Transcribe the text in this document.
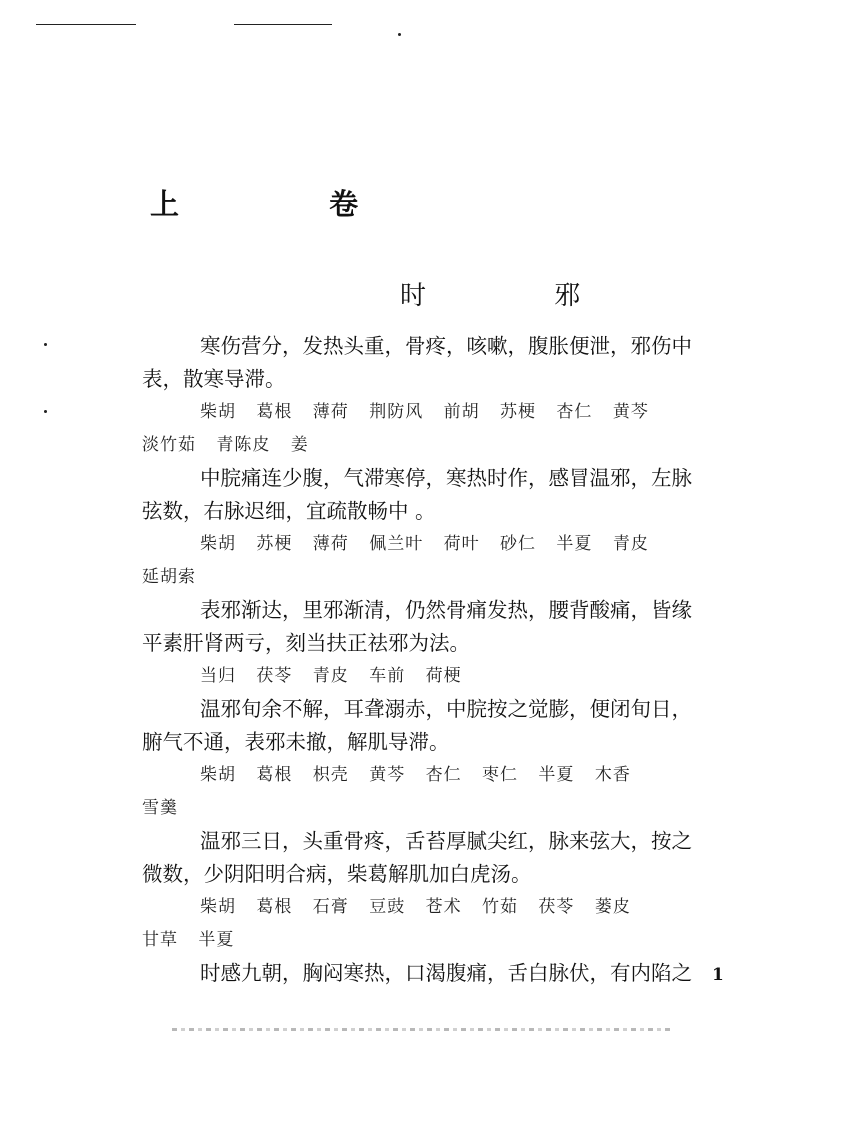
上 卷
时 邪
寒伤营分，发热头重，骨疼，咳嗽，腹胀便泄，邪伤中
表，散寒导滞。
柴胡 葛根 薄荷 荆防风 前胡 苏梗 杏仁 黄芩
淡竹茹 青陈皮 姜
中脘痛连少腹，气滞寒停，寒热时作，感冒温邪，左脉
弦数，右脉迟细，宜疏散畅中 。
柴胡 苏梗 薄荷 佩兰叶 荷叶 砂仁 半夏 青皮
延胡索
表邪渐达，里邪渐清，仍然骨痛发热，腰背酸痛，皆缘
平素肝肾两亏，刻当扶正祛邪为法。
当归 茯苓 青皮 车前 荷梗
温邪旬余不解，耳聋溺赤，中脘按之觉膨，便闭旬日，
腑气不通，表邪未撤，解肌导滞。
柴胡 葛根 枳壳 黄芩 杏仁 枣仁 半夏 木香
雪羹
温邪三日，头重骨疼，舌苔厚腻尖红，脉来弦大，按之
微数，少阴阳明合病，柴葛解肌加白虎汤。
柴胡 葛根 石膏 豆豉 苍术 竹茹 茯苓 蒌皮
甘草 半夏
时感九朝，胸闷寒热，口渴腹痛，舌白脉伏，有内陷之	1
